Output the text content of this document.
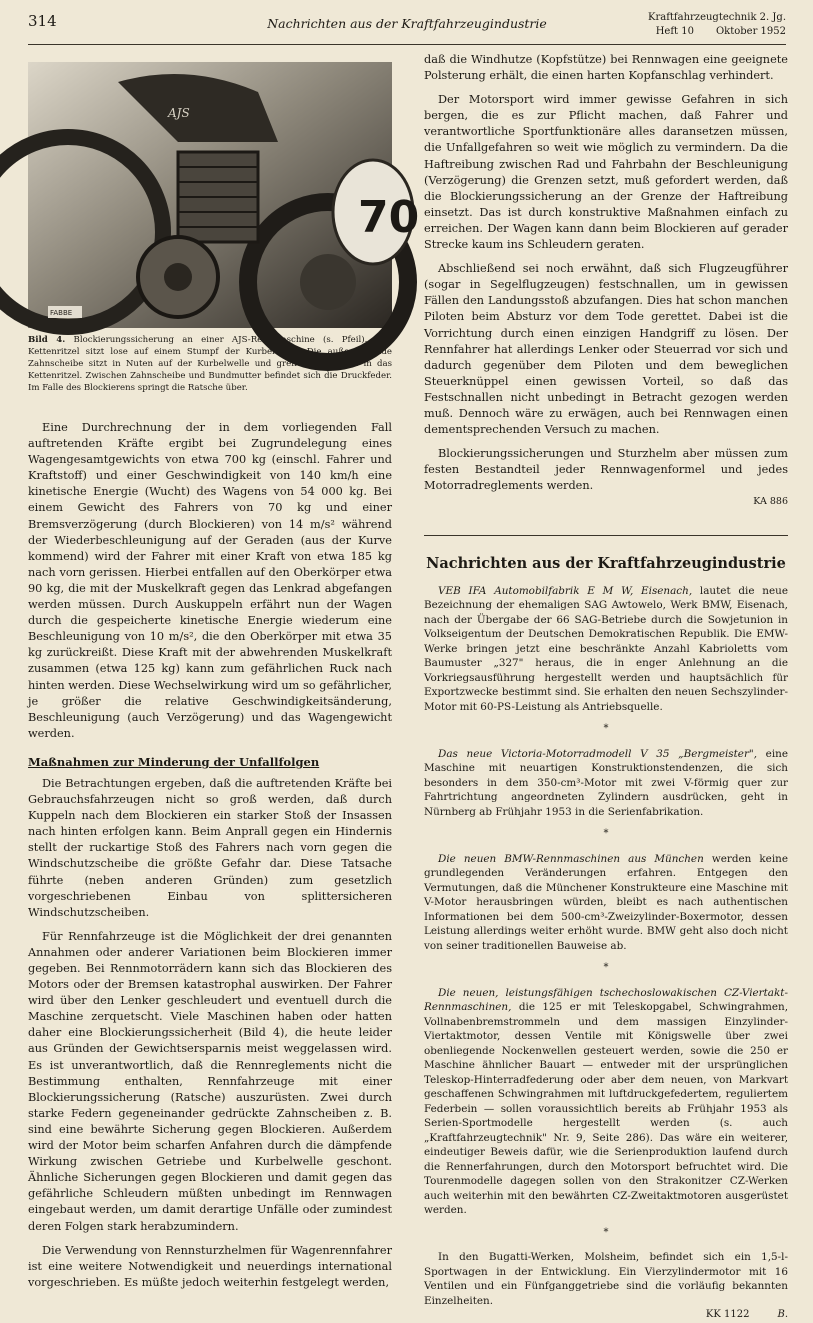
314	Nachrichten aus der Kraftfahrzeugindustrie	Kraftfahrzeugtechnik 2. Jg.
Heft 10 Oktober 1952
70
AJS
FABBE
Bild 4. Blockierungssicherung an einer AJS-Rennmaschine (s. Pfeil). Das Kettenritzel sitzt lose auf einem Stumpf der Kurbelwelle. Die außenliegende Zahnscheibe sitzt in Nuten auf der Kurbelwelle und greift mit Zähnen in das Kettenritzel. Zwischen Zahnscheibe und Bundmutter befindet sich die Druckfeder. Im Falle des Blockierens springt die Ratsche über.

Eine Durchrechnung der in dem vorliegenden Fall auftretenden Kräfte ergibt bei Zugrundelegung eines Wagengesamtgewichts von etwa 700 kg (einschl. Fahrer und Kraftstoff) und einer Geschwindigkeit von 140 km/h eine kinetische Energie (Wucht) des Wagens von 54 000 kg. Bei einem Gewicht des Fahrers von 70 kg und einer Bremsverzögerung (durch Blockieren) von 14 m/s² während der Wiederbeschleunigung auf der Geraden (aus der Kurve kommend) wird der Fahrer mit einer Kraft von etwa 185 kg nach vorn gerissen. Hierbei entfallen auf den Oberkörper etwa 90 kg, die mit der Muskelkraft gegen das Lenkrad abgefangen werden müssen. Durch Auskuppeln erfährt nun der Wagen durch die gespeicherte kinetische Energie wiederum eine Beschleunigung von 10 m/s², die den Oberkörper mit etwa 35 kg zurückreißt. Diese Kraft mit der abwehrenden Muskelkraft zusammen (etwa 125 kg) kann zum gefährlichen Ruck nach hinten werden. Diese Wechselwirkung wird um so gefährlicher, je größer die relative Geschwindigkeitsänderung, Beschleunigung (auch Verzögerung) und das Wagengewicht werden.

Maßnahmen zur Minderung der Unfallfolgen

Die Betrachtungen ergeben, daß die auftretenden Kräfte bei Gebrauchsfahrzeugen nicht so groß werden, daß durch Kuppeln nach dem Blockieren ein starker Stoß der Insassen nach hinten erfolgen kann. Beim Anprall gegen ein Hindernis stellt der ruckartige Stoß des Fahrers nach vorn gegen die Windschutzscheibe die größte Gefahr dar. Diese Tatsache führte (neben anderen Gründen) zum gesetzlich vorgeschriebenen Einbau von splittersicheren Windschutzscheiben.

Für Rennfahrzeuge ist die Möglichkeit der drei genannten Annahmen oder anderer Variationen beim Blockieren immer gegeben. Bei Rennmotorrädern kann sich das Blockieren des Motors oder der Bremsen katastrophal auswirken. Der Fahrer wird über den Lenker geschleudert und eventuell durch die Maschine zerquetscht. Viele Maschinen haben oder hatten daher eine Blockierungssicherheit (Bild 4), die heute leider aus Gründen der Gewichtsersparnis meist weggelassen wird. Es ist unverantwortlich, daß die Rennreglements nicht die Bestimmung enthalten, Rennfahrzeuge mit einer Blockierungssicherung (Ratsche) auszurüsten. Zwei durch starke Federn gegeneinander gedrückte Zahnscheiben z. B. sind eine bewährte Sicherung gegen Blockieren. Außerdem wird der Motor beim scharfen Anfahren durch die dämpfende Wirkung zwischen Getriebe und Kurbelwelle geschont. Ähnliche Sicherungen gegen Blockieren und damit gegen das gefährliche Schleudern müßten unbedingt im Rennwagen eingebaut werden, um damit derartige Unfälle oder zumindest deren Folgen stark herabzumindern.

Die Verwendung von Rennsturzhelmen für Wagenrennfahrer ist eine weitere Notwendigkeit und neuerdings international vorgeschrieben. Es müßte jedoch weiterhin festgelegt werden,

daß die Windhutze (Kopfstütze) bei Rennwagen eine geeignete Polsterung erhält, die einen harten Kopfanschlag verhindert.

Der Motorsport wird immer gewisse Gefahren in sich bergen, die es zur Pflicht machen, daß Fahrer und verantwortliche Sportfunktionäre alles daransetzen müssen, die Unfallgefahren so weit wie möglich zu vermindern. Da die Haftreibung zwischen Rad und Fahrbahn der Beschleunigung (Verzögerung) die Grenzen setzt, muß gefordert werden, daß die Blockierungssicherung an der Grenze der Haftreibung einsetzt. Das ist durch konstruktive Maßnahmen einfach zu erreichen. Der Wagen kann dann beim Blockieren auf gerader Strecke kaum ins Schleudern geraten.

Abschließend sei noch erwähnt, daß sich Flugzeugführer (sogar in Segelflugzeugen) festschnallen, um in gewissen Fällen den Landungsstoß abzufangen. Dies hat schon manchen Piloten beim Absturz vor dem Tode gerettet. Dabei ist die Vorrichtung durch einen einzigen Handgriff zu lösen. Der Rennfahrer hat allerdings Lenker oder Steuerrad vor sich und dadurch gegenüber dem Piloten und dem beweglichen Steuerknüppel einen gewissen Vorteil, so daß das Festschnallen nicht unbedingt in Betracht gezogen werden muß. Dennoch wäre zu erwägen, auch bei Rennwagen einen dementsprechenden Versuch zu machen.

Blockierungssicherungen und Sturzhelm aber müssen zum festen Bestandteil jeder Rennwagenformel und jedes Motorradreglements werden.

KA 886
Nachrichten aus der Kraftfahrzeugindustrie

VEB IFA Automobilfabrik E M W, Eisenach, lautet die neue Bezeichnung der ehemaligen SAG Awtowelo, Werk BMW, Eisenach, nach der Übergabe der 66 SAG-Betriebe durch die Sowjetunion in Volkseigentum der Deutschen Demokratischen Republik. Die EMW-Werke bringen jetzt eine beschränkte Anzahl Kabrioletts vom Baumuster „327" heraus, die in enger Anlehnung an die Vorkriegsausführung hergestellt werden und hauptsächlich für Exportzwecke bestimmt sind. Sie erhalten den neuen Sechszylinder-Motor mit 60-PS-Leistung als Antriebsquelle.

*

Das neue Victoria-Motorradmodell V 35 „Bergmeister", eine Maschine mit neuartigen Konstruktionstendenzen, die sich besonders in dem 350-cm³-Motor mit zwei V-förmig quer zur Fahrtrichtung angeordneten Zylindern ausdrücken, geht in Nürnberg ab Frühjahr 1953 in die Serienfabrikation.

*

Die neuen BMW-Rennmaschinen aus München werden keine grundlegenden Veränderungen erfahren. Entgegen den Vermutungen, daß die Münchener Konstrukteure eine Maschine mit V-Motor herausbringen würden, bleibt es nach authentischen Informationen bei dem 500-cm³-Zweizylinder-Boxermotor, dessen Leistung allerdings weiter erhöht wurde. BMW geht also doch nicht von seiner traditionellen Bauweise ab.

*

Die neuen, leistungsfähigen tschechoslowakischen CZ-Viertakt-Rennmaschinen, die 125 er mit Teleskopgabel, Schwingrahmen, Vollnabenbremstrommeln und dem massigen Einzylinder-Viertaktmotor, dessen Ventile mit Königswelle über zwei obenliegende Nockenwellen gesteuert werden, sowie die 250 er Maschine ähnlicher Bauart — entweder mit der ursprünglichen Teleskop-Hinterradfederung oder aber dem neuen, von Markvart geschaffenen Schwingrahmen mit luftdruckgefedertem, reguliertem Federbein — sollen voraussichtlich bereits ab Frühjahr 1953 als Serien-Sportmodelle hergestellt werden (s. auch „Kraftfahrzeugtechnik" Nr. 9, Seite 286). Das wäre ein weiterer, eindeutiger Beweis dafür, wie die Serienproduktion laufend durch die Rennerfahrungen, durch den Motorsport befruchtet wird. Die Tourenmodelle dagegen sollen von den Strakonitzer CZ-Werken auch weiterhin mit den bewährten CZ-Zweitaktmotoren ausgerüstet werden.

*

In den Bugatti-Werken, Molsheim, befindet sich ein 1,5-l-Sportwagen in der Entwicklung. Ein Vierzylindermotor mit 16 Ventilen und ein Fünfganggetriebe sind die vorläufig bekannten Einzelheiten.

KK 1122	B.
